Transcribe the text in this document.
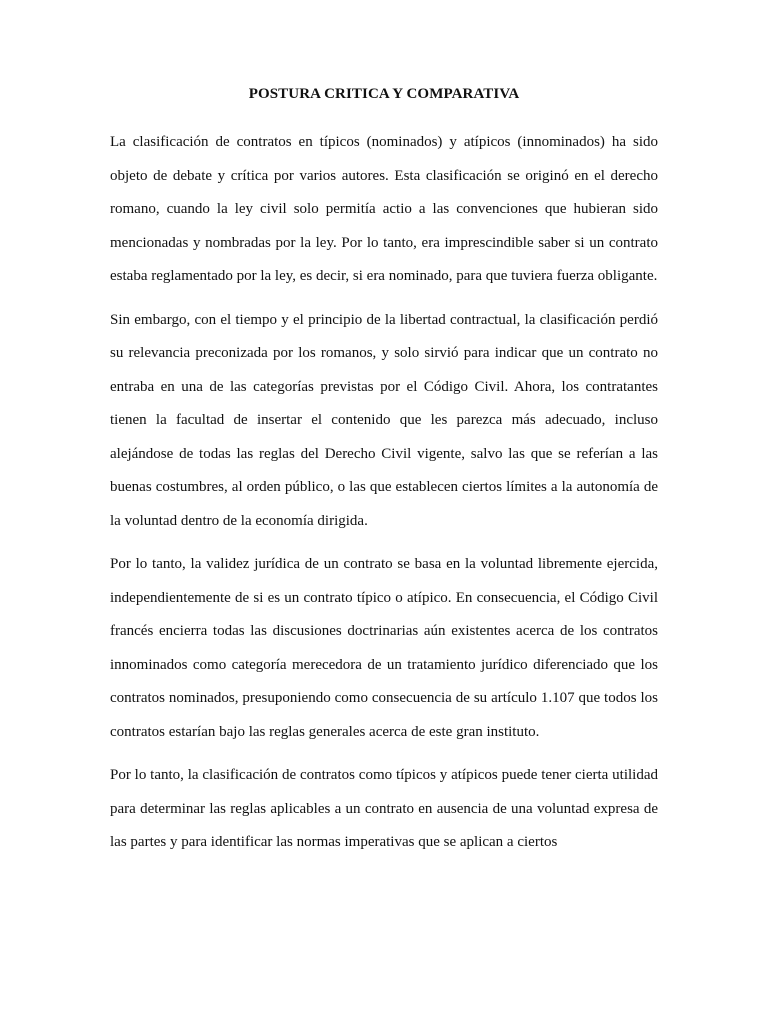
POSTURA CRITICA Y COMPARATIVA

La clasificación de contratos en típicos (nominados) y atípicos (innominados) ha sido objeto de debate y crítica por varios autores. Esta clasificación se originó en el derecho romano, cuando la ley civil solo permitía actio a las convenciones que hubieran sido mencionadas y nombradas por la ley. Por lo tanto, era imprescindible saber si un contrato estaba reglamentado por la ley, es decir, si era nominado, para que tuviera fuerza obligante.

Sin embargo, con el tiempo y el principio de la libertad contractual, la clasificación perdió su relevancia preconizada por los romanos, y solo sirvió para indicar que un contrato no entraba en una de las categorías previstas por el Código Civil. Ahora, los contratantes tienen la facultad de insertar el contenido que les parezca más adecuado, incluso alejándose de todas las reglas del Derecho Civil vigente, salvo las que se referían a las buenas costumbres, al orden público, o las que establecen ciertos límites a la autonomía de la voluntad dentro de la economía dirigida.

Por lo tanto, la validez jurídica de un contrato se basa en la voluntad libremente ejercida, independientemente de si es un contrato típico o atípico. En consecuencia, el Código Civil francés encierra todas las discusiones doctrinarias aún existentes acerca de los contratos innominados como categoría merecedora de un tratamiento jurídico diferenciado que los contratos nominados, presuponiendo como consecuencia de su artículo 1.107 que todos los contratos estarían bajo las reglas generales acerca de este gran instituto.

Por lo tanto, la clasificación de contratos como típicos y atípicos puede tener cierta utilidad para determinar las reglas aplicables a un contrato en ausencia de una voluntad expresa de las partes y para identificar las normas imperativas que se aplican a ciertos
